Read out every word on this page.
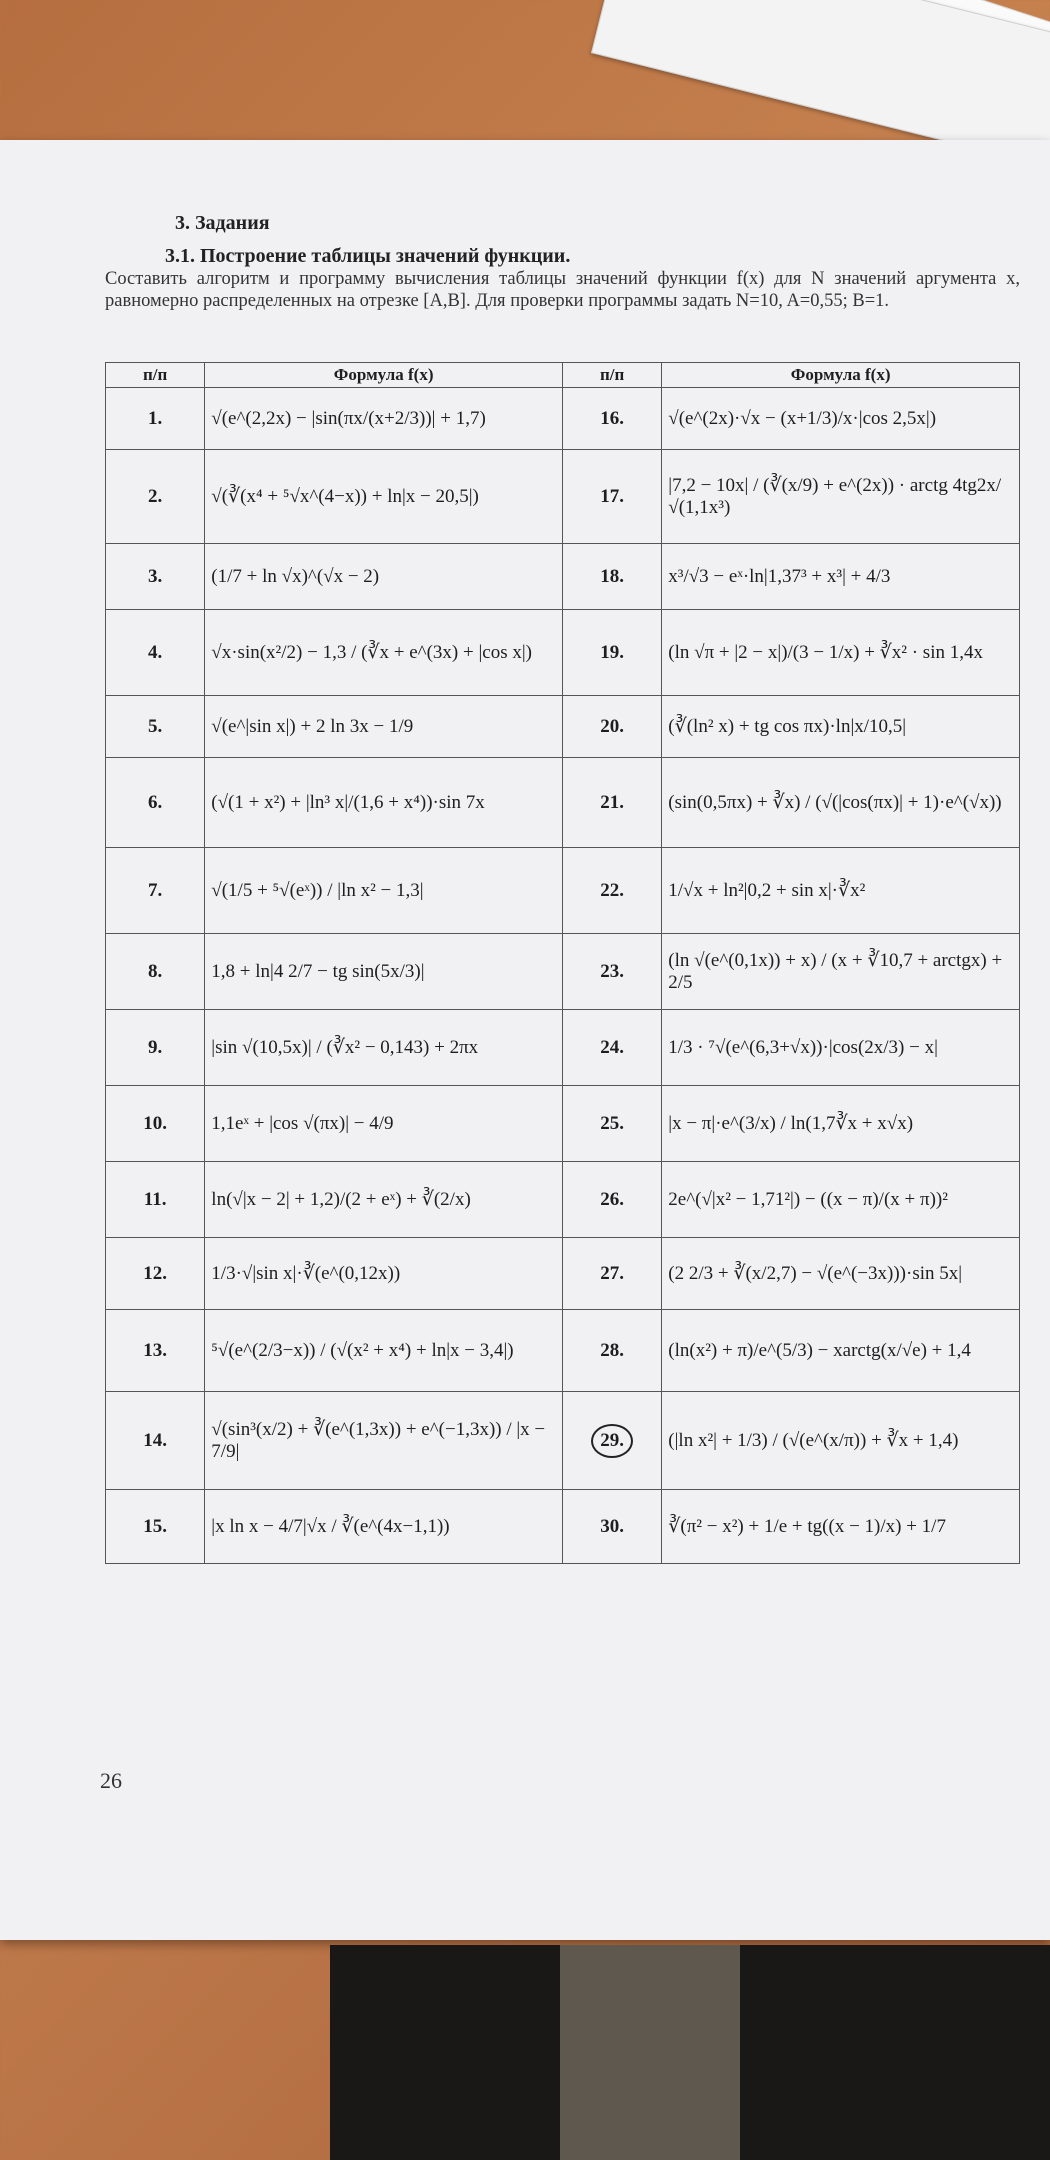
3. Задания
3.1. Построение таблицы значений функции.
Составить алгоритм и программу вычисления таблицы значений функции f(x) для N значений аргумента x, равномерно распределенных на отрезке [A,B]. Для проверки программы задать N=10, A=0,55; B=1.
п/п	Формула f(x)	п/п	Формула f(x)
1.	√(e^(2,2x) − |sin(πx/(x+2/3))| + 1,7)	16.	√(e^(2x)·√x − (x+1/3)/x·|cos 2,5x|)
2.	√(∛(x⁴ + ⁵√x^(4−x)) + ln|x − 20,5|)	17.	|7,2 − 10x| / (∛(x/9) + e^(2x)) · arctg 4tg2x/√(1,1x³)
3.	(1/7 + ln √x)^(√x − 2)	18.	x³/√3 − eˣ·ln|1,37³ + x³| + 4/3
4.	√x·sin(x²/2) − 1,3 / (∛x + e^(3x) + |cos x|)	19.	(ln √π + |2 − x|)/(3 − 1/x) + ∛x² · sin 1,4x
5.	√(e^|sin x|) + 2 ln 3x − 1/9	20.	(∛(ln² x) + tg cos πx)·ln|x/10,5|
6.	(√(1 + x²) + |ln³ x|/(1,6 + x⁴))·sin 7x	21.	(sin(0,5πx) + ∛x) / (√(|cos(πx)| + 1)·e^(√x))
7.	√(1/5 + ⁵√(eˣ)) / |ln x² − 1,3|	22.	1/√x + ln²|0,2 + sin x|·∛x²
8.	1,8 + ln|4 2/7 − tg sin(5x/3)|	23.	(ln √(e^(0,1x)) + x) / (x + ∛10,7 + arctgx) + 2/5
9.	|sin √(10,5x)| / (∛x² − 0,143) + 2πx	24.	1/3 · ⁷√(e^(6,3+√x))·|cos(2x/3) − x|
10.	1,1eˣ + |cos √(πx)| − 4/9	25.	|x − π|·e^(3/x) / ln(1,7∛x + x√x)
11.	ln(√|x − 2| + 1,2)/(2 + eˣ) + ∛(2/x)	26.	2e^(√|x² − 1,71²|) − ((x − π)/(x + π))²
12.	1/3·√|sin x|·∛(e^(0,12x))	27.	(2 2/3 + ∛(x/2,7) − √(e^(−3x)))·sin 5x|
13.	⁵√(e^(2/3−x)) / (√(x² + x⁴) + ln|x − 3,4|)	28.	(ln(x²) + π)/e^(5/3) − xarctg(x/√e) + 1,4
14.	√(sin³(x/2) + ∛(e^(1,3x)) + e^(−1,3x)) / |x − 7/9|	29.	(|ln x²| + 1/3) / (√(e^(x/π)) + ∛x + 1,4)
15.	|x ln x − 4/7|√x / ∛(e^(4x−1,1))	30.	∛(π² − x²) + 1/e + tg((x − 1)/x) + 1/7
26
